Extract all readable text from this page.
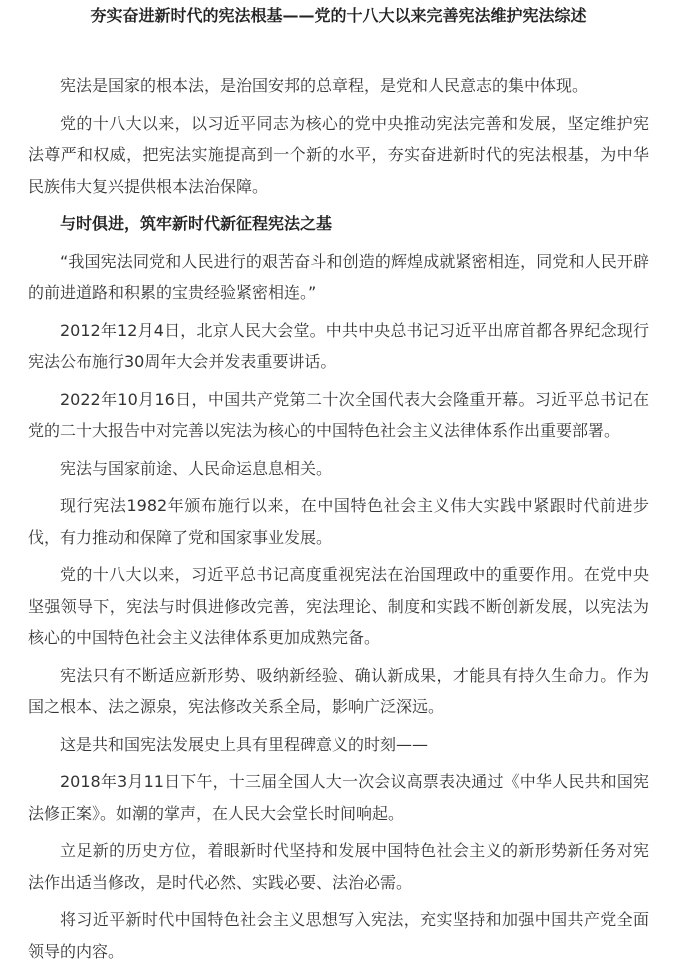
夯实奋进新时代的宪法根基——党的十八大以来完善宪法维护宪法综述

宪法是国家的根本法，是治国安邦的总章程，是党和人民意志的集中体现。

党的十八大以来，以习近平同志为核心的党中央推动宪法完善和发展，坚定维护宪法尊严和权威，把宪法实施提高到一个新的水平，夯实奋进新时代的宪法根基，为中华民族伟大复兴提供根本法治保障。

与时俱进，筑牢新时代新征程宪法之基

“我国宪法同党和人民进行的艰苦奋斗和创造的辉煌成就紧密相连，同党和人民开辟的前进道路和积累的宝贵经验紧密相连。”

2012年12月4日，北京人民大会堂。中共中央总书记习近平出席首都各界纪念现行宪法公布施行30周年大会并发表重要讲话。

2022年10月16日，中国共产党第二十次全国代表大会隆重开幕。习近平总书记在党的二十大报告中对完善以宪法为核心的中国特色社会主义法律体系作出重要部署。

宪法与国家前途、人民命运息息相关。

现行宪法1982年颁布施行以来，在中国特色社会主义伟大实践中紧跟时代前进步伐，有力推动和保障了党和国家事业发展。

党的十八大以来，习近平总书记高度重视宪法在治国理政中的重要作用。在党中央坚强领导下，宪法与时俱进修改完善，宪法理论、制度和实践不断创新发展，以宪法为核心的中国特色社会主义法律体系更加成熟完备。

宪法只有不断适应新形势、吸纳新经验、确认新成果，才能具有持久生命力。作为国之根本、法之源泉，宪法修改关系全局，影响广泛深远。

这是共和国宪法发展史上具有里程碑意义的时刻——

2018年3月11日下午，十三届全国人大一次会议高票表决通过《中华人民共和国宪法修正案》。如潮的掌声，在人民大会堂长时间响起。

立足新的历史方位，着眼新时代坚持和发展中国特色社会主义的新形势新任务对宪法作出适当修改，是时代必然、实践必要、法治必需。

将习近平新时代中国特色社会主义思想写入宪法，充实坚持和加强中国共产党全面领导的内容。
